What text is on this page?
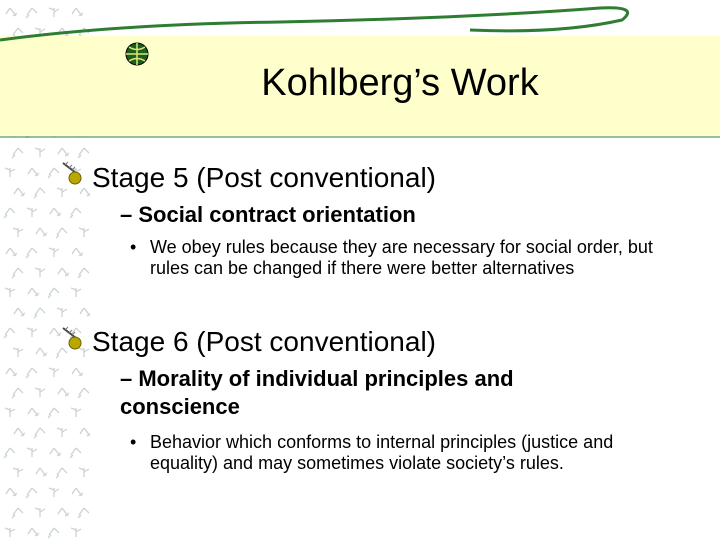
Kohlberg’s Work
Stage 5 (Post conventional)
– Social contract orientation
• We obey rules because they are necessary for social order, but rules can be changed if there were better alternatives
Stage 6 (Post conventional)
– Morality of individual principles and conscience
• Behavior which conforms to internal principles (justice and equality) and may sometimes violate society’s rules.
